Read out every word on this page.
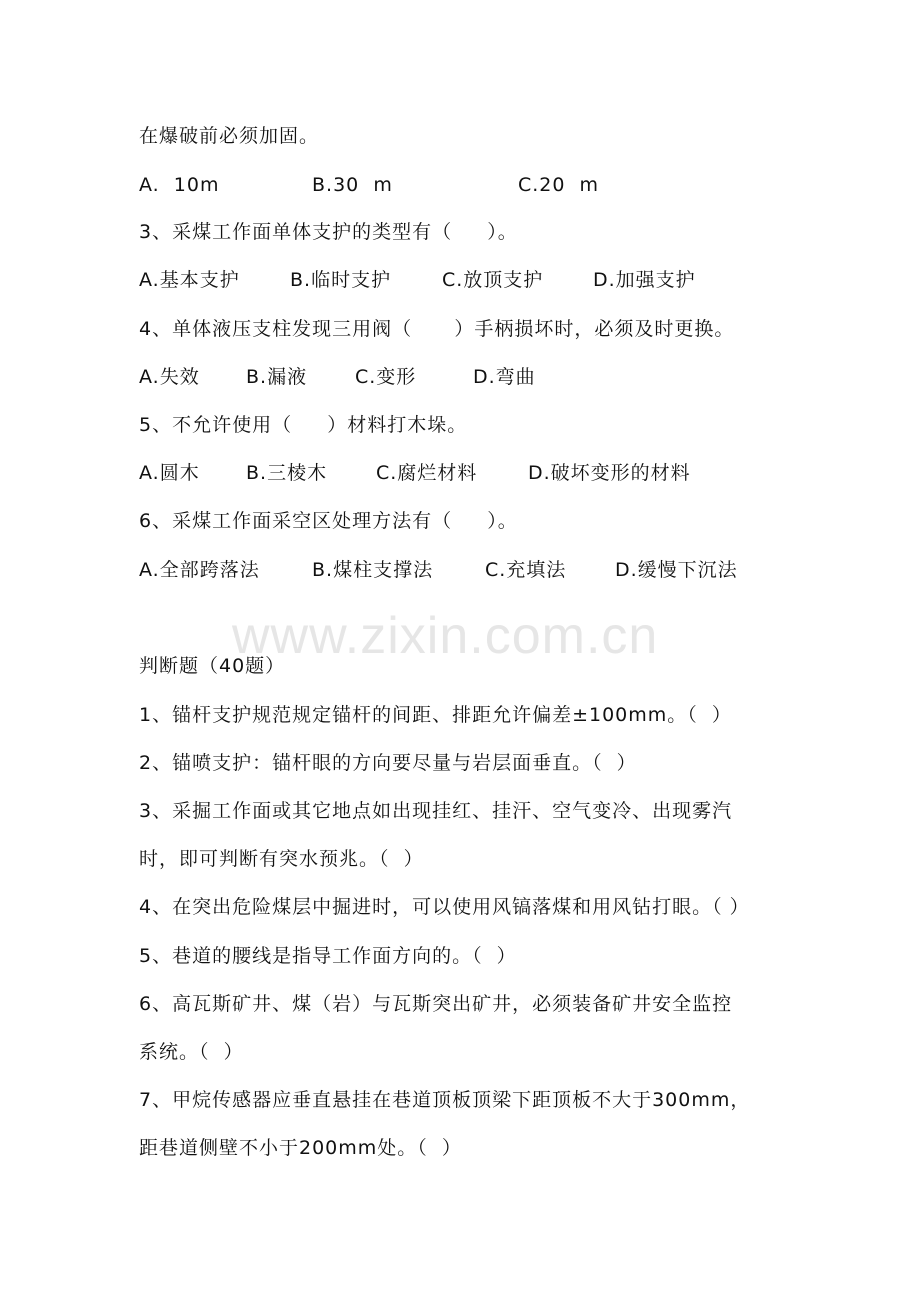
www.zixin.com.cn
在爆破前必须加固。
A.  10m	B.30  m	C.20  m
3、采煤工作面单体支护的类型有（     ）。
A.基本支护	B.临时支护	C.放顶支护	D.加强支护
4、单体液压支柱发现三用阀（      ）手柄损坏时，必须及时更换。
A.失效	B.漏液	C.变形	D.弯曲
5、不允许使用（     ）材料打木垛。
A.圆木	B.三棱木	C.腐烂材料	D.破坏变形的材料
6、采煤工作面采空区处理方法有（     ）。
A.全部跨落法	B.煤柱支撑法	C.充填法	D.缓慢下沉法
判断题（40题）
1、锚杆支护规范规定锚杆的间距、排距允许偏差±100mm。（  ）
2、锚喷支护：锚杆眼的方向要尽量与岩层面垂直。（  ）
3、采掘工作面或其它地点如出现挂红、挂汗、空气变冷、出现雾汽
时，即可判断有突水预兆。（  ）
4、在突出危险煤层中掘进时，可以使用风镐落煤和用风钻打眼。（ ）
5、巷道的腰线是指导工作面方向的。（  ）
6、高瓦斯矿井、煤（岩）与瓦斯突出矿井，必须装备矿井安全监控
系统。（  ）
7、甲烷传感器应垂直悬挂在巷道顶板顶梁下距顶板不大于300mm，
距巷道侧壁不小于200mm处。（  ）
